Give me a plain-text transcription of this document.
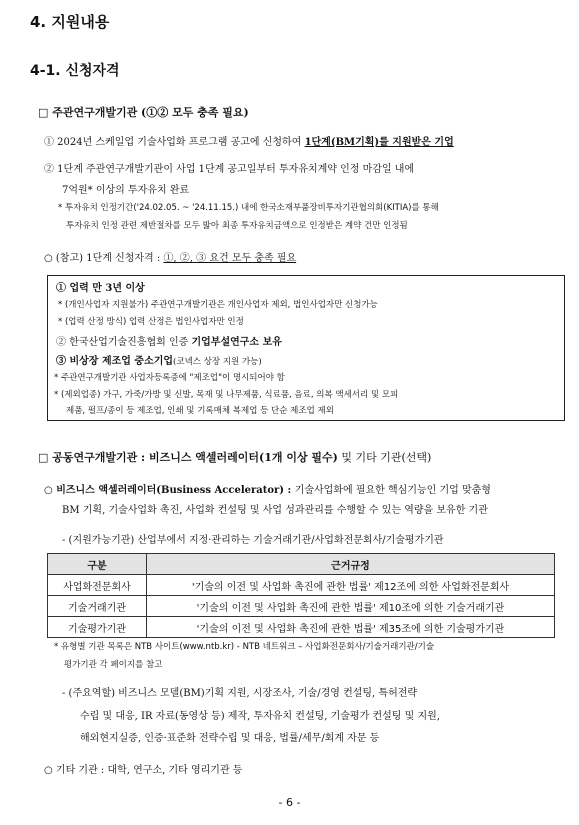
4. 지원내용
4-1. 신청자격
□ 주관연구개발기관 (①② 모두 충족 필요)
① 2024년 스케일업 기술사업화 프로그램 공고에 신청하여 1단계(BM기획)를 지원받은 기업
② 1단계 주관연구개발기관이 사업 1단계 공고일부터 투자유치계약 인정 마감일 내에
7억원* 이상의 투자유치 완료
* 투자유치 인정기간('24.02.05. ~ '24.11.15.) 내에 한국소재부품장비투자기관협의회(KITIA)를 통해
투자유치 인정 관련 제반절차를 모두 밟아 최종 투자유치금액으로 인정받은 계약 건만 인정됨
○ (참고) 1단계 신청자격 : ①, ②, ③ 요건 모두 충족 필요
① 업력 만 3년 이상
* (개인사업자 지원불가) 주관연구개발기관은 개인사업자 제외, 법인사업자만 신청가능
* (업력 산정 방식) 업력 산정은 법인사업자만 인정
② 한국산업기술진흥협회 인증 기업부설연구소 보유
③ 비상장 제조업 중소기업(코넥스 상장 지원 가능)
* 주관연구개발기관 사업자등록증에 "제조업"이 명시되어야 함
* (제외업종) 가구, 가죽/가방 및 신발, 목재 및 나무제품, 식료품, 음료, 의복 액세서리 및 모피
제품, 펄프/종이 등 제조업, 인쇄 및 기록매체 복제업 등 단순 제조업 제외
□ 공동연구개발기관 : 비즈니스 액셀러레이터(1개 이상 필수) 및 기타 기관(선택)
○ 비즈니스 액셀러레이터(Business Accelerator) : 기술사업화에 필요한 핵심기능인 기업 맞춤형
BM 기획, 기술사업화 촉진, 사업화 컨설팅 및 사업 성과관리를 수행할 수 있는 역량을 보유한 기관
- (지원가능기관) 산업부에서 지정·관리하는 기술거래기관/사업화전문회사/기술평가기관
구분	근거규정
사업화전문회사	'기술의 이전 및 사업화 촉진에 관한 법률' 제12조에 의한 사업화전문회사
기술거래기관	'기술의 이전 및 사업화 촉진에 관한 법률' 제10조에 의한 기술거래기관
기술평가기관	'기술의 이전 및 사업화 촉진에 관한 법률' 제35조에 의한 기술평가기관
* 유형별 기관 목록은 NTB 사이트(www.ntb.kr) - NTB 네트워크 – 사업화전문회사/기술거래기관/기술
평가기관 각 페이지를 참고
- (주요역할) 비즈니스 모델(BM)기획 지원, 시장조사, 기술/경영 컨설팅, 특허전략
수립 및 대응, IR 자료(동영상 등) 제작, 투자유치 컨설팅, 기술평가 컨설팅 및 지원,
해외현지실증, 인증·표준화 전략수립 및 대응, 법률/세무/회계 자문 등
○ 기타 기관 : 대학, 연구소, 기타 영리기관 등
- 6 -
